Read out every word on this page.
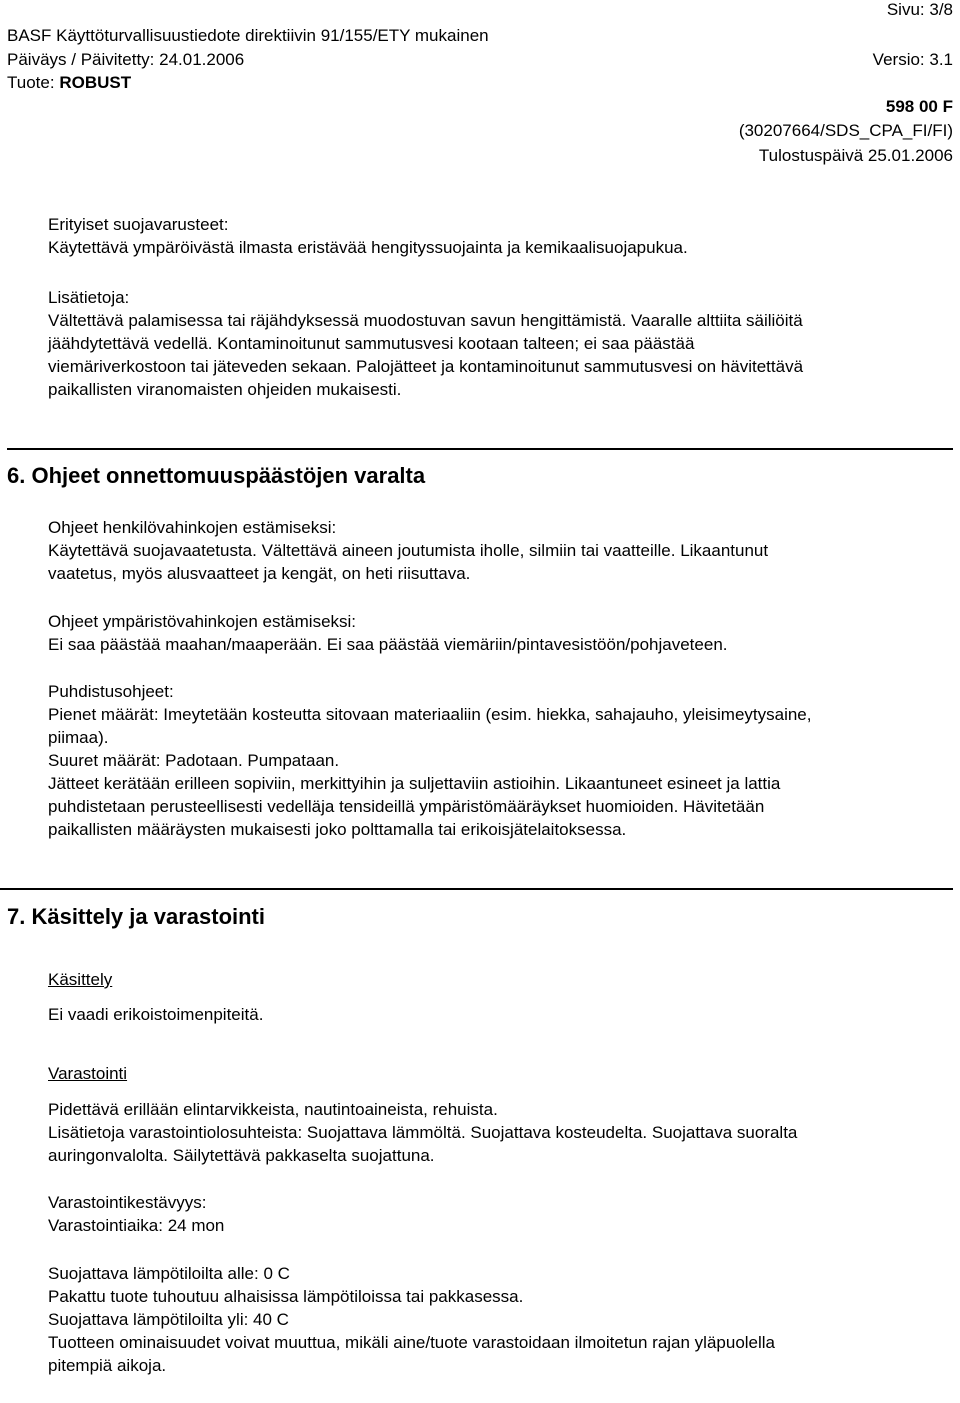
Sivu: 3/8
BASF Käyttöturvallisuustiedote direktiivin 91/155/ETY mukainen
Päiväys / Päivitetty: 24.01.2006	Versio: 3.1
Tuote: ROBUST
598 00 F
(30207664/SDS_CPA_FI/FI)
Tulostuspäivä 25.01.2006
Erityiset suojavarusteet:
Käytettävä ympäröivästä ilmasta eristävää hengityssuojainta ja kemikaalisuojapukua.
Lisätietoja:
Vältettävä palamisessa tai räjähdyksessä muodostuvan savun hengittämistä. Vaaralle alttiita säiliöitä
jäähdytettävä vedellä. Kontaminoitunut sammutusvesi kootaan talteen; ei saa päästää
viemäriverkostoon tai jäteveden sekaan. Palojätteet ja kontaminoitunut sammutusvesi on hävitettävä
paikallisten viranomaisten ohjeiden mukaisesti.
6. Ohjeet onnettomuuspäästöjen varalta
Ohjeet henkilövahinkojen estämiseksi:
Käytettävä suojavaatetusta. Vältettävä aineen joutumista iholle, silmiin tai vaatteille. Likaantunut
vaatetus, myös alusvaatteet ja kengät, on heti riisuttava.
Ohjeet ympäristövahinkojen estämiseksi:
Ei saa päästää maahan/maaperään. Ei saa päästää viemäriin/pintavesistöön/pohjaveteen.
Puhdistusohjeet:
Pienet määrät: Imeytetään kosteutta sitovaan materiaaliin (esim. hiekka, sahajauho, yleisimeytysaine,
piimaa).
Suuret määrät: Padotaan. Pumpataan.
Jätteet kerätään erilleen sopiviin, merkittyihin ja suljettaviin astioihin. Likaantuneet esineet ja lattia
puhdistetaan perusteellisesti vedelläja tensideillä ympäristömääräykset huomioiden. Hävitetään
paikallisten määräysten mukaisesti joko polttamalla tai erikoisjätelaitoksessa.
7. Käsittely ja varastointi
Käsittely
Ei vaadi erikoistoimenpiteitä.
Varastointi
Pidettävä erillään elintarvikkeista, nautintoaineista, rehuista.
Lisätietoja varastointiolosuhteista: Suojattava lämmöltä. Suojattava kosteudelta. Suojattava suoralta
auringonvalolta. Säilytettävä pakkaselta suojattuna.
Varastointikestävyys:
Varastointiaika: 24 mon
Suojattava lämpötiloilta alle: 0 C
Pakattu tuote tuhoutuu alhaisissa lämpötiloissa tai pakkasessa.
Suojattava lämpötiloilta yli: 40 C
Tuotteen ominaisuudet voivat muuttua, mikäli aine/tuote varastoidaan ilmoitetun rajan yläpuolella
pitempiä aikoja.
